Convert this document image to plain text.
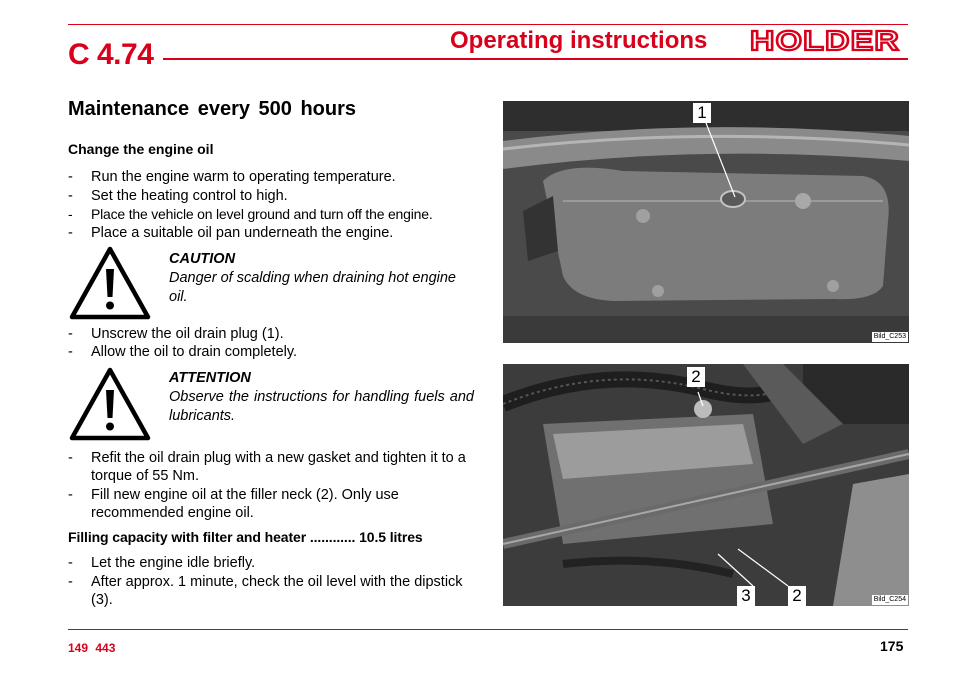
C 4.74	Operating instructions HOLDER
Maintenance every 500 hours
Change the engine oil
- Run the engine warm to operating temperature.
- Set the heating control to high.
- Place the vehicle on level ground and turn off the engine.
- Place a suitable oil pan underneath the engine.
CAUTION
Danger of scalding when draining hot engine oil.
- Unscrew the oil drain plug (1).
- Allow the oil to drain completely.
ATTENTION
Observe the instructions for handling fuels and lubricants.
- Refit the oil drain plug with a new gasket and tighten it to a torque of 55 Nm.
- Fill new engine oil at the filler neck (2). Only use recommended engine oil.
Filling capacity with filter and heater ............ 10.5 litres
- Let the engine idle briefly.
- After approx. 1 minute, check the oil level with the dipstick (3).
1
Bild_C253
2
3 2	Bild_C254
149 443	175
